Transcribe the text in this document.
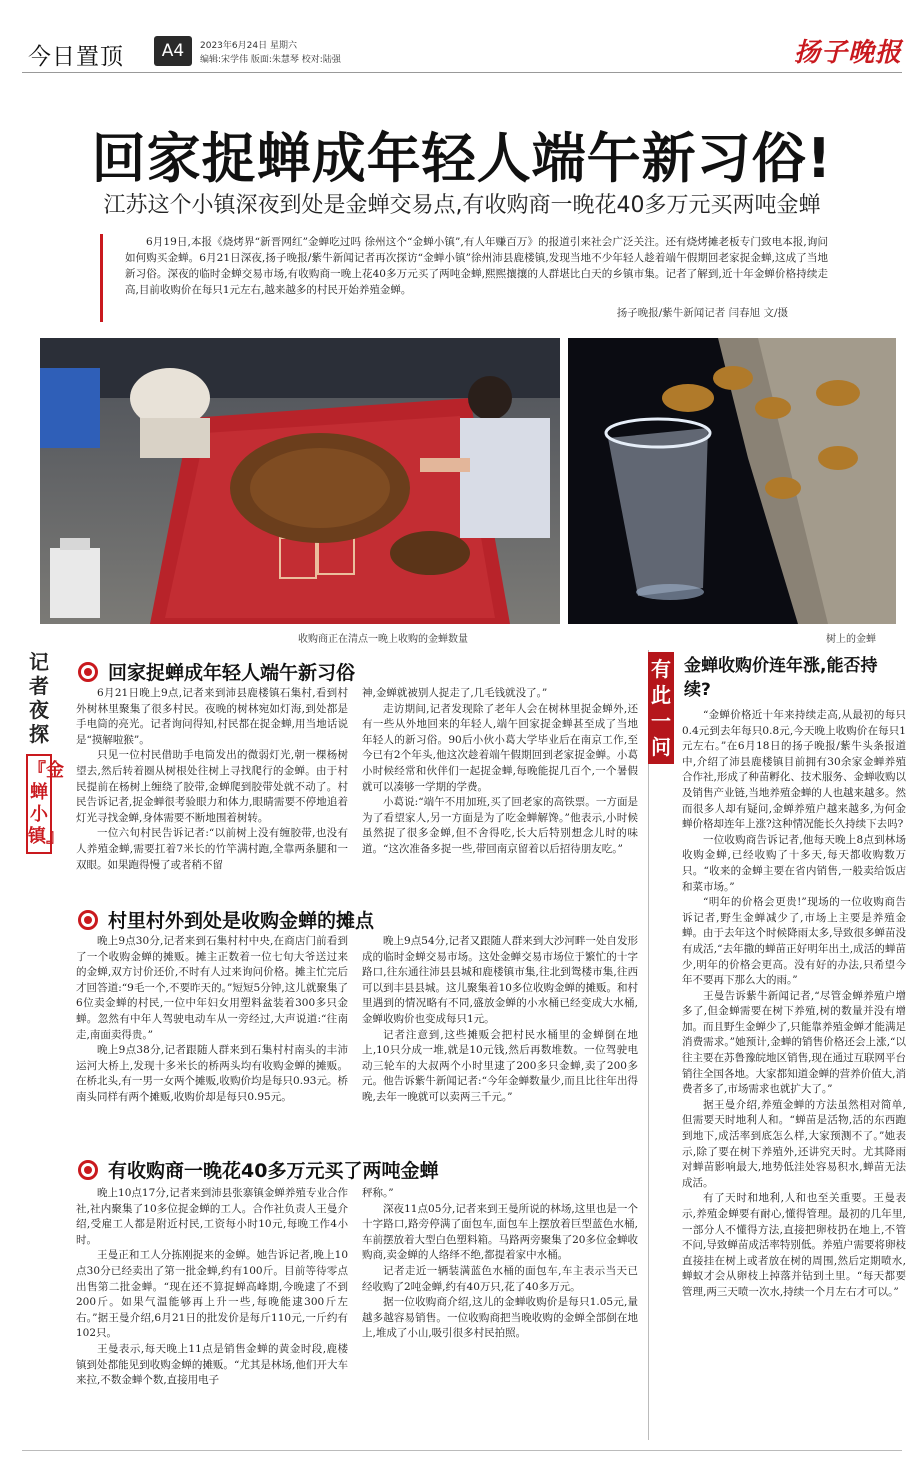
今日置顶	A4	2023年6月24日 星期六
编辑:宋学伟 版面:朱慧琴 校对:陆强	扬子晚报
回家捉蝉成年轻人端午新习俗!
江苏这个小镇深夜到处是金蝉交易点,有收购商一晚花40多万元买两吨金蝉

6月19日,本报《烧烤界“新晋网红”金蝉吃过吗 徐州这个“金蝉小镇”,有人年赚百万》的报道引来社会广泛关注。还有烧烤摊老板专门致电本报,询问如何购买金蝉。6月21日深夜,扬子晚报/紫牛新闻记者再次探访“金蝉小镇”徐州沛县鹿楼镇,发现当地不少年轻人趁着端午假期回老家捉金蝉,这成了当地新习俗。深夜的临时金蝉交易市场,有收购商一晚上花40多万元买了两吨金蝉,熙熙攘攘的人群堪比白天的乡镇市集。记者了解到,近十年金蝉价格持续走高,目前收购价在每只1元左右,越来越多的村民开始养殖金蝉。

扬子晚报/紫牛新闻记者 闫春旭 文/摄
收购商正在清点一晚上收购的金蝉数量	树上的金蝉
记者夜探
『金蝉小镇』
回家捉蝉成年轻人端午新习俗

6月21日晚上9点,记者来到沛县鹿楼镇石集村,看到村外树林里聚集了很多村民。夜晚的树林宛如灯海,到处都是手电筒的亮光。记者询问得知,村民都在捉金蝉,用当地话说是“摸解啦猴”。

只见一位村民借助手电筒发出的微弱灯光,朝一棵杨树望去,然后转着圈从树根处往树上寻找爬行的金蝉。由于村民提前在杨树上缠绕了胶带,金蝉爬到胶带处就不动了。村民告诉记者,捉金蝉很考验眼力和体力,眼睛需要不停地追着灯光寻找金蝉,身体需要不断地围着树转。

一位六旬村民告诉记者:“以前树上没有缠胶带,也没有人养殖金蝉,需要扛着7米长的竹竿满村跑,全靠两条腿和一双眼。如果跑得慢了或者稍不留

神,金蝉就被别人捉走了,几毛钱就没了。”

走访期间,记者发现除了老年人会在树林里捉金蝉外,还有一些从外地回来的年轻人,端午回家捉金蝉甚至成了当地年轻人的新习俗。90后小伙小葛大学毕业后在南京工作,至今已有2个年头,他这次趁着端午假期回到老家捉金蝉。小葛小时候经常和伙伴们一起捉金蝉,每晚能捉几百个,一个暑假就可以凑够一学期的学费。

小葛说:“端午不用加班,买了回老家的高铁票。一方面是为了看望家人,另一方面是为了吃金蝉解馋。”他表示,小时候虽然捉了很多金蝉,但不舍得吃,长大后特别想念儿时的味道。“这次准备多捉一些,带回南京留着以后招待朋友吃。”

村里村外到处是收购金蝉的摊点

晚上9点30分,记者来到石集村村中央,在商店门前看到了一个收购金蝉的摊贩。摊主正数着一位七旬大爷送过来的金蝉,双方讨价还价,不时有人过来询问价格。摊主忙完后才回答道:“9毛一个,不要昨天的。”短短5分钟,这儿就聚集了6位卖金蝉的村民,一位中年妇女用塑料盆装着300多只金蝉。忽然有中年人驾驶电动车从一旁经过,大声说道:“往南走,南面卖得贵。”

晚上9点38分,记者跟随人群来到石集村村南头的丰沛运河大桥上,发现十多米长的桥两头均有收购金蝉的摊贩。在桥北头,有一男一女两个摊贩,收购价均是每只0.93元。桥南头同样有两个摊贩,收购价却是每只0.95元。

晚上9点54分,记者又跟随人群来到大沙河畔一处自发形成的临时金蝉交易市场。这处金蝉交易市场位于繁忙的十字路口,往东通往沛县县城和鹿楼镇市集,往北到鸳楼市集,往西可以到丰县县城。这儿聚集着10多位收购金蝉的摊贩。和村里遇到的情况略有不同,盛放金蝉的小水桶已经变成大水桶,金蝉收购价也变成每只1元。

记者注意到,这些摊贩会把村民水桶里的金蝉倒在地上,10只分成一堆,就是10元钱,然后再数堆数。一位驾驶电动三轮车的大叔两个小时里逮了200多只金蝉,卖了200多元。他告诉紫牛新闻记者:“今年金蝉数量少,而且比往年出得晚,去年一晚就可以卖两三千元。”

有收购商一晚花40多万元买了两吨金蝉

晚上10点17分,记者来到沛县张寨镇金蝉养殖专业合作社,社内聚集了10多位捉金蝉的工人。合作社负责人王曼介绍,受雇工人都是附近村民,工资每小时10元,每晚工作4小时。

王曼正和工人分拣刚捉来的金蝉。她告诉记者,晚上10点30分已经卖出了第一批金蝉,约有100斤。目前等待零点出售第二批金蝉。“现在还不算捉蝉高峰期,今晚逮了不到200斤。如果气温能够再上升一些,每晚能逮300斤左右。”据王曼介绍,6月21日的批发价是每斤110元,一斤约有102只。

王曼表示,每天晚上11点是销售金蝉的黄金时段,鹿楼镇到处都能见到收购金蝉的摊贩。“尤其是林场,他们开大车来拉,不数金蝉个数,直接用电子

秤称。”

深夜11点05分,记者来到王曼所说的林场,这里也是一个十字路口,路旁停满了面包车,面包车上摆放着巨型蓝色水桶,车前摆放着大型白色塑料箱。马路两旁聚集了20多位金蝉收购商,卖金蝉的人络绎不绝,都提着家中水桶。

记者走近一辆装满蓝色水桶的面包车,车主表示当天已经收购了2吨金蝉,约有40万只,花了40多万元。

据一位收购商介绍,这儿的金蝉收购价是每只1.05元,量越多越容易销售。一位收购商把当晚收购的金蝉全部倒在地上,堆成了小山,吸引很多村民拍照。

有此一问
金蝉收购价连年涨,能否持续?

“金蝉价格近十年来持续走高,从最初的每只0.4元到去年每只0.8元,今天晚上收购价在每只1元左右。”在6月18日的扬子晚报/紫牛头条报道中,介绍了沛县鹿楼镇目前拥有30余家金蝉养殖合作社,形成了种苗孵化、技术服务、金蝉收购以及销售产业链,当地养殖金蝉的人也越来越多。然而很多人却有疑问,金蝉养殖户越来越多,为何金蝉价格却连年上涨?这种情况能长久持续下去吗?

一位收购商告诉记者,他每天晚上8点到林场收购金蝉,已经收购了十多天,每天都收购数万只。“收来的金蝉主要在省内销售,一般卖给饭店和菜市场。”

“明年的价格会更贵!”现场的一位收购商告诉记者,野生金蝉减少了,市场上主要是养殖金蝉。由于去年这个时候降雨太多,导致很多蝉苗没有成活,“去年撒的蝉苗正好明年出土,成活的蝉苗少,明年的价格会更高。没有好的办法,只希望今年不要再下那么大的雨。”

王曼告诉紫牛新闻记者,“尽管金蝉养殖户增多了,但金蝉需要在树下养殖,树的数量并没有增加。而且野生金蝉少了,只能靠养殖金蝉才能满足消费需求。”她预计,金蝉的销售价格还会上涨,“以往主要在苏鲁豫皖地区销售,现在通过互联网平台销往全国各地。大家都知道金蝉的营养价值大,消费者多了,市场需求也就扩大了。”

据王曼介绍,养殖金蝉的方法虽然相对简单,但需要天时地利人和。“蝉苗是活物,活的东西跑到地下,成活率到底怎么样,大家预测不了。”她表示,除了要在树下养殖外,还讲究天时。尤其降雨对蝉苗影响最大,地势低洼处容易积水,蝉苗无法成活。

有了天时和地利,人和也至关重要。王曼表示,养殖金蝉要有耐心,懂得管理。最初的几年里,一部分人不懂得方法,直接把卵枝扔在地上,不管不问,导致蝉苗成活率特别低。养殖户需要将卵枝直接挂在树上或者放在树的周围,然后定期喷水,蝉蚁才会从卵枝上掉落并钻到土里。“每天都要管理,两三天喷一次水,持续一个月左右才可以。”
